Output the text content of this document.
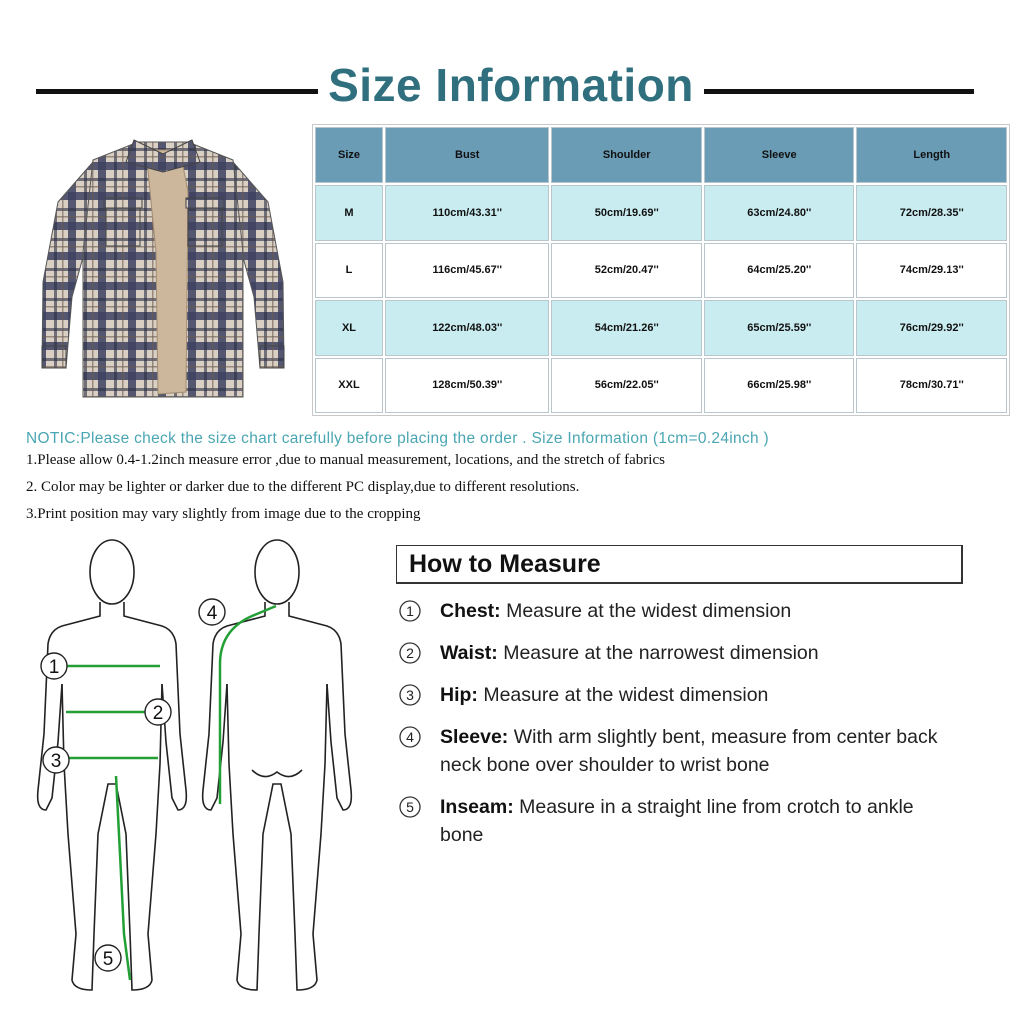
Size Information
Size	Bust	Shoulder	Sleeve	Length
M	110cm/43.31''	50cm/19.69''	63cm/24.80''	72cm/28.35''
L	116cm/45.67''	52cm/20.47''	64cm/25.20''	74cm/29.13''
XL	122cm/48.03''	54cm/21.26''	65cm/25.59''	76cm/29.92''
XXL	128cm/50.39''	56cm/22.05''	66cm/25.98''	78cm/30.71''
NOTIC:Please check the size chart carefully before placing the order . Size Information (1cm=0.24inch )
1.Please allow 0.4-1.2inch measure error ,due to manual measurement, locations, and the stretch of fabrics
2. Color may be lighter or darker due to the different PC display,due to different resolutions.
3.Print position may vary slightly from image due to the cropping
1
2
3
4
5
How to Measure
1 Chest: Measure at the widest dimension
2 Waist: Measure at the narrowest dimension
3 Hip: Measure at the widest dimension
4 Sleeve: With arm slightly bent, measure from center back neck bone over shoulder to wrist bone
5 Inseam: Measure in a straight line from crotch to ankle bone
